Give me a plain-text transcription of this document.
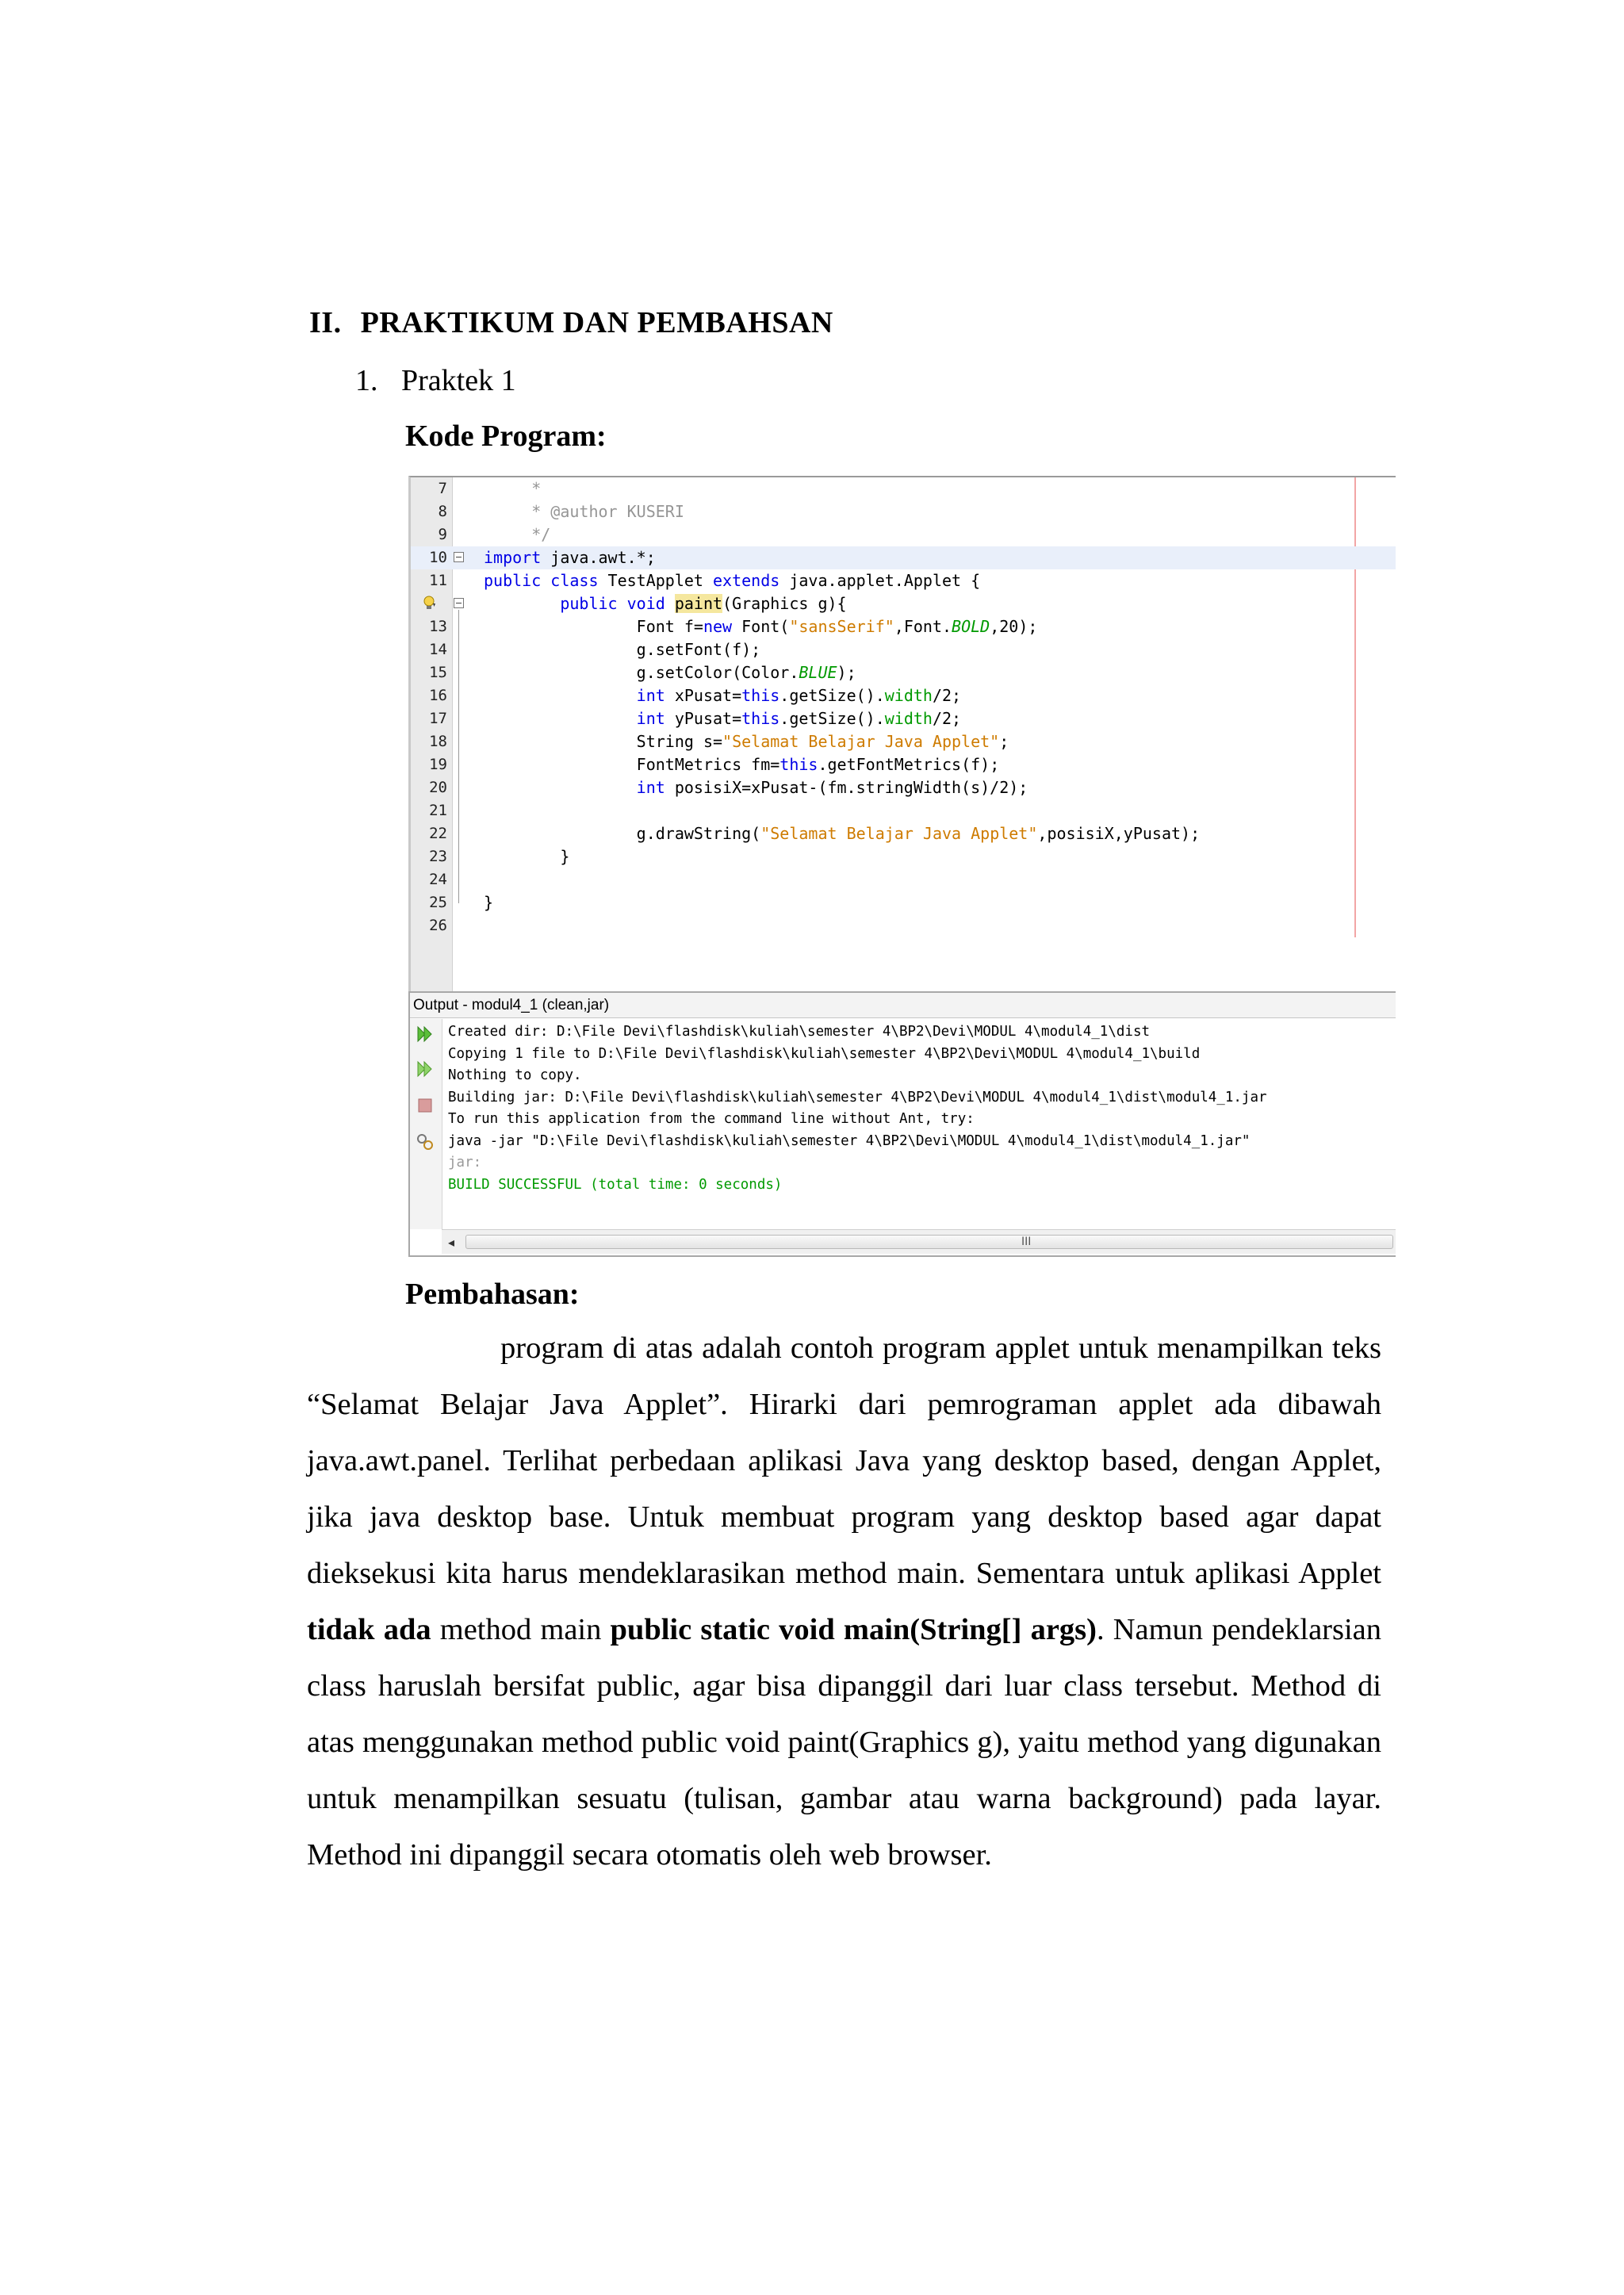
II. PRAKTIKUM DAN PEMBAHSAN
1. Praktek 1
Kode Program:
7 *
8 * @author KUSERI
9 */
10 import java.awt.*;
11 public class TestApplet extends java.applet.Applet {
public void paint(Graphics g){
13 Font f=new Font("sansSerif",Font.BOLD,20);
14 g.setFont(f);
15 g.setColor(Color.BLUE);
16	int xPusat=this.getSize().width/2;
17	int yPusat=this.getSize().width/2;
18 String s="Selamat Belajar Java Applet";
19 FontMetrics fm=this.getFontMetrics(f);
20	int posisiX=xPusat-(fm.stringWidth(s)/2);
21
22 g.drawString("Selamat Belajar Java Applet",posisiX,yPusat);
23 }
24
25 }
26
Output - modul4_1 (clean,jar)
Created dir: D:\File Devi\flashdisk\kuliah\semester 4\BP2\Devi\MODUL 4\modul4_1\dist
Copying 1 file to D:\File Devi\flashdisk\kuliah\semester 4\BP2\Devi\MODUL 4\modul4_1\build
Nothing to copy.
Building jar: D:\File Devi\flashdisk\kuliah\semester 4\BP2\Devi\MODUL 4\modul4_1\dist\modul4_1.jar
To run this application from the command line without Ant, try:
java -jar "D:\File Devi\flashdisk\kuliah\semester 4\BP2\Devi\MODUL 4\modul4_1\dist\modul4_1.jar"
jar:
BUILD SUCCESSFUL (total time: 0 seconds)
◂	III
Pembahasan:
program di atas adalah contoh program applet untuk menampilkan teks “Selamat Belajar Java Applet”. Hirarki dari pemrograman applet ada dibawah java.awt.panel. Terlihat perbedaan aplikasi Java yang desktop based, dengan Applet, jika java desktop base. Untuk membuat program yang desktop based agar dapat dieksekusi kita harus mendeklarasikan method main. Sementara untuk aplikasi Applet tidak ada method main public static void main(String[] args). Namun pendeklarsian class haruslah bersifat public, agar bisa dipanggil dari luar class tersebut. Method di atas menggunakan method public void paint(Graphics g), yaitu method yang digunakan untuk menampilkan sesuatu (tulisan, gambar atau warna background) pada layar. Method ini dipanggil secara otomatis oleh web browser.
